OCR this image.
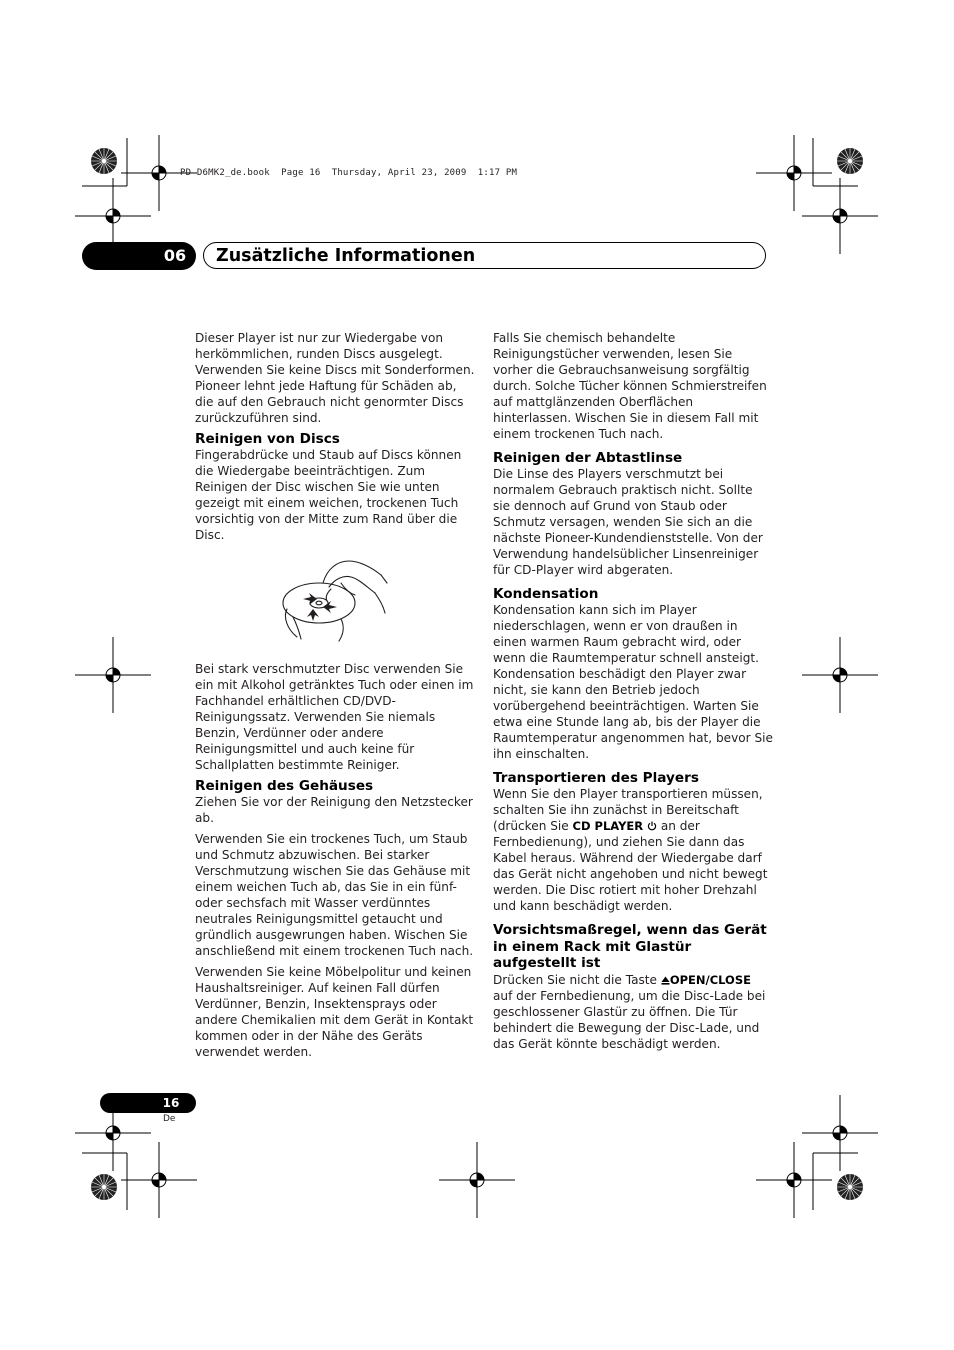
PD-D6MK2_de.book  Page 16  Thursday, April 23, 2009  1:17 PM
06 Zusätzliche Informationen

Dieser Player ist nur zur Wiedergabe von herkömmlichen, runden Discs ausgelegt. Verwenden Sie keine Discs mit Sonderformen. Pioneer lehnt jede Haftung für Schäden ab, die auf den Gebrauch nicht genormter Discs zurückzuführen sind.

Reinigen von Discs

Fingerabdrücke und Staub auf Discs können die Wiedergabe beeinträchtigen. Zum Reinigen der Disc wischen Sie wie unten gezeigt mit einem weichen, trockenen Tuch vorsichtig von der Mitte zum Rand über die Disc.

Bei stark verschmutzter Disc verwenden Sie ein mit Alkohol getränktes Tuch oder einen im Fachhandel erhältlichen CD/DVD-Reinigungssatz. Verwenden Sie niemals Benzin, Verdünner oder andere Reinigungsmittel und auch keine für Schallplatten bestimmte Reiniger.

Reinigen des Gehäuses

Ziehen Sie vor der Reinigung den Netzstecker ab.

Verwenden Sie ein trockenes Tuch, um Staub und Schmutz abzuwischen. Bei starker Verschmutzung wischen Sie das Gehäuse mit einem weichen Tuch ab, das Sie in ein fünf- oder sechsfach mit Wasser verdünntes neutrales Reinigungsmittel getaucht und gründlich ausgewrungen haben. Wischen Sie anschließend mit einem trockenen Tuch nach.

Verwenden Sie keine Möbelpolitur und keinen Haushaltsreiniger. Auf keinen Fall dürfen Verdünner, Benzin, Insektensprays oder andere Chemikalien mit dem Gerät in Kontakt kommen oder in der Nähe des Geräts verwendet werden.

Falls Sie chemisch behandelte Reinigungstücher verwenden, lesen Sie vorher die Gebrauchsanweisung sorgfältig durch. Solche Tücher können Schmierstreifen auf mattglänzenden Oberflächen hinterlassen. Wischen Sie in diesem Fall mit einem trockenen Tuch nach.

Reinigen der Abtastlinse

Die Linse des Players verschmutzt bei normalem Gebrauch praktisch nicht. Sollte sie dennoch auf Grund von Staub oder Schmutz versagen, wenden Sie sich an die nächste Pioneer-Kundendienststelle. Von der Verwendung handelsüblicher Linsenreiniger für CD-Player wird abgeraten.

Kondensation

Kondensation kann sich im Player niederschlagen, wenn er von draußen in einen warmen Raum gebracht wird, oder wenn die Raumtemperatur schnell ansteigt. Kondensation beschädigt den Player zwar nicht, sie kann den Betrieb jedoch vorübergehend beeinträchtigen. Warten Sie etwa eine Stunde lang ab, bis der Player die Raumtemperatur angenommen hat, bevor Sie ihn einschalten.

Transportieren des Players

Wenn Sie den Player transportieren müssen, schalten Sie ihn zunächst in Bereitschaft (drücken Sie CD PLAYER  an der Fernbedienung), und ziehen Sie dann das Kabel heraus. Während der Wiedergabe darf das Gerät nicht angehoben und nicht bewegt werden. Die Disc rotiert mit hoher Drehzahl und kann beschädigt werden.

Vorsichtsmaßregel, wenn das Gerät in einem Rack mit Glastür aufgestellt ist

Drücken Sie nicht die Taste OPEN/CLOSE auf der Fernbedienung, um die Disc-Lade bei geschlossener Glastür zu öffnen. Die Tür behindert die Bewegung der Disc-Lade, und das Gerät könnte beschädigt werden.

16
De
